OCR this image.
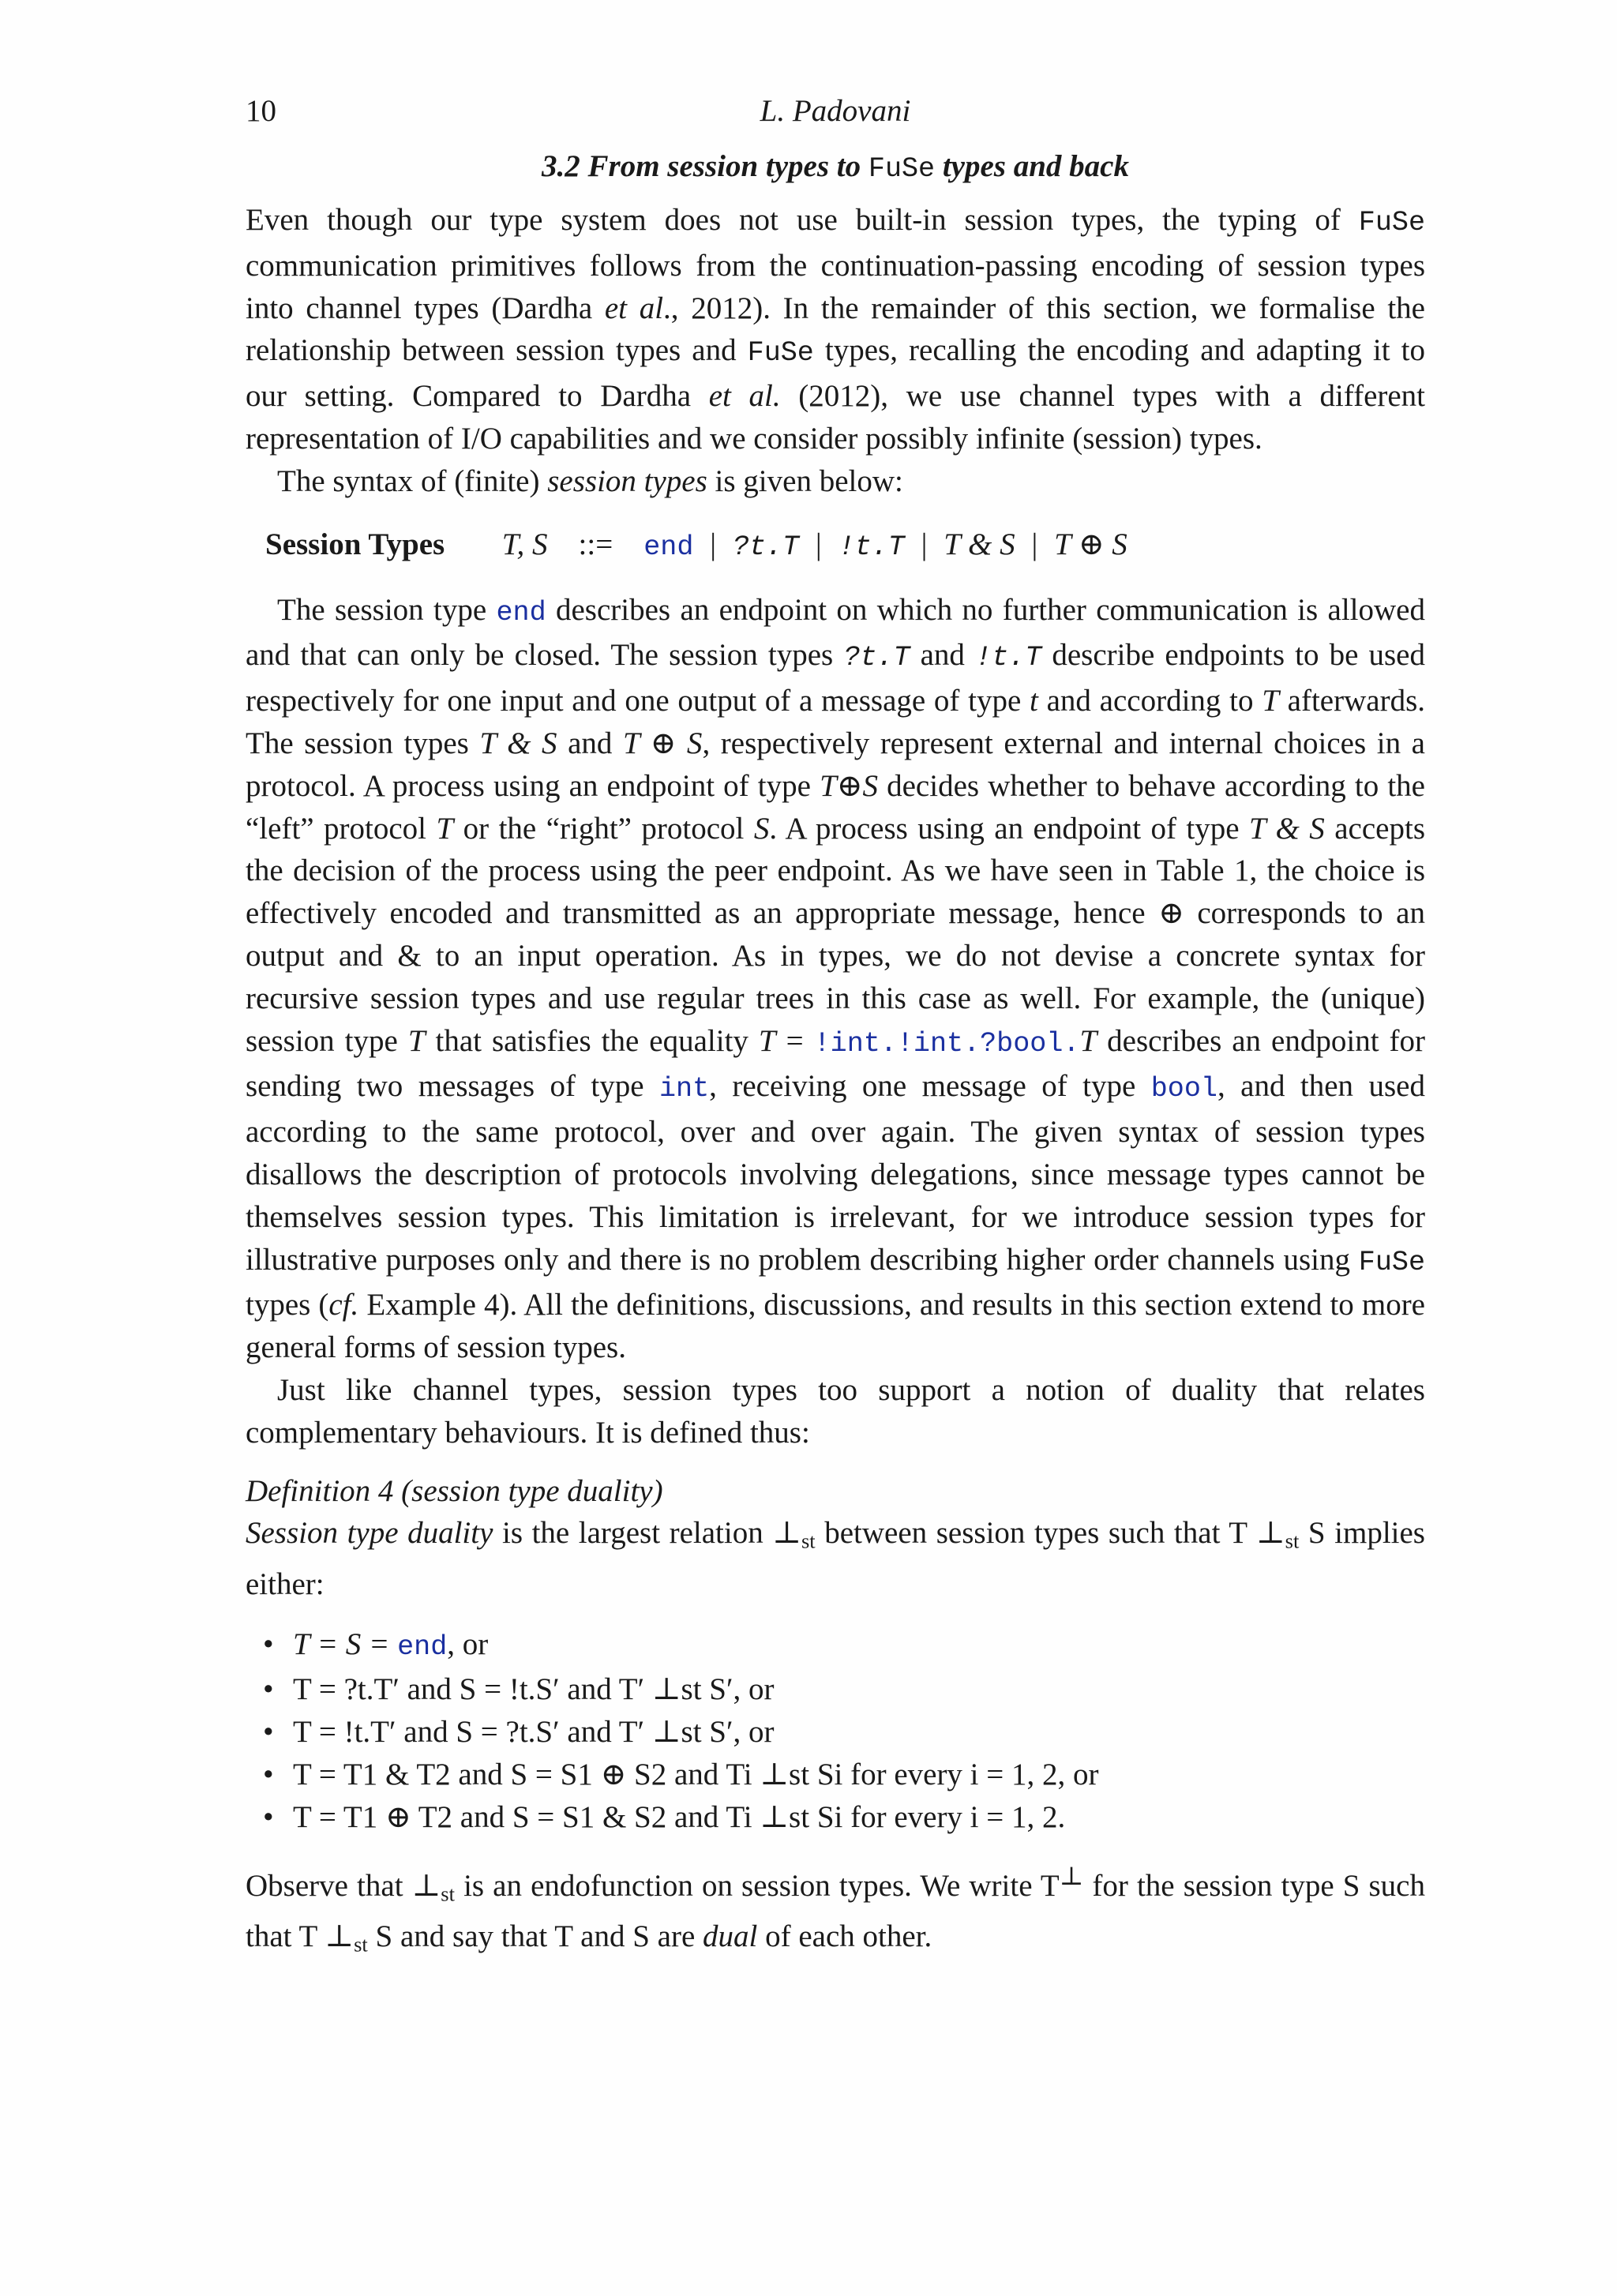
10	L. Padovani
3.2 From session types to FuSe types and back

Even though our type system does not use built-in session types, the typing of FuSe communication primitives follows from the continuation-passing encoding of session types into channel types (Dardha et al., 2012). In the remainder of this section, we formalise the relationship between session types and FuSe types, recalling the encoding and adapting it to our setting. Compared to Dardha et al. (2012), we use channel types with a different representation of I/O capabilities and we consider possibly infinite (session) types.

The syntax of (finite) session types is given below:

Session Types T, S ::= end | ?t.T | !t.T | T & S | T ⊕ S

The session type end describes an endpoint on which no further communication is allowed and that can only be closed. The session types ?t.T and !t.T describe endpoints to be used respectively for one input and one output of a message of type t and according to T afterwards. The session types T & S and T ⊕ S, respectively represent external and internal choices in a protocol. A process using an endpoint of type T⊕S decides whether to behave according to the “left” protocol T or the “right” protocol S. A process using an endpoint of type T & S accepts the decision of the process using the peer endpoint. As we have seen in Table 1, the choice is effectively encoded and transmitted as an appropriate message, hence ⊕ corresponds to an output and & to an input operation. As in types, we do not devise a concrete syntax for recursive session types and use regular trees in this case as well. For example, the (unique) session type T that satisfies the equality T = !int.!int.?bool.T describes an endpoint for sending two messages of type int, receiving one message of type bool, and then used according to the same protocol, over and over again. The given syntax of session types disallows the description of protocols involving delegations, since message types cannot be themselves session types. This limitation is irrelevant, for we introduce session types for illustrative purposes only and there is no problem describing higher order channels using FuSe types (cf. Example 4). All the definitions, discussions, and results in this section extend to more general forms of session types.

Just like channel types, session types too support a notion of duality that relates complementary behaviours. It is defined thus:

Definition 4 (session type duality)

Session type duality is the largest relation $\perp_{st}$ between session types such that T $\perp_{st}$ S implies either:

• T = S = end, or
• T = ?t.T′ and S = !t.S′ and T′ ⊥st S′, or
• T = !t.T′ and S = ?t.S′ and T′ ⊥st S′, or
• T = T1 & T2 and S = S1 ⊕ S2 and Ti ⊥st Si for every i = 1, 2, or
• T = T1 ⊕ T2 and S = S1 & S2 and Ti ⊥st Si for every i = 1, 2.

Observe that $\perp_{st}$ is an endofunction on session types. We write T⊥ for the session type S such that T $\perp_{st}$ S and say that T and S are dual of each other.
